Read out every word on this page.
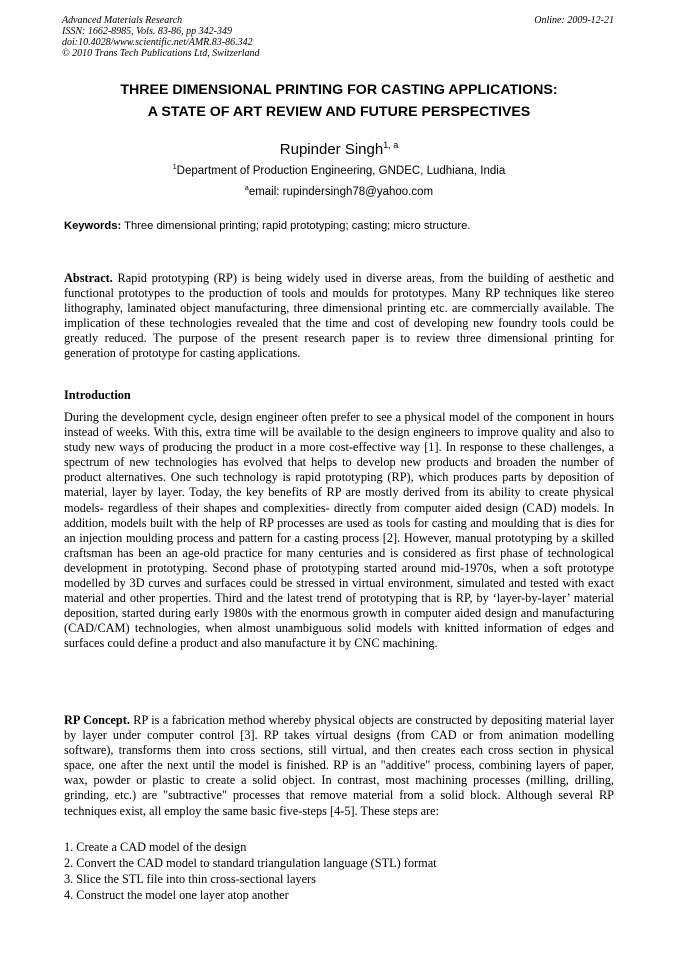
Advanced Materials Research
ISSN: 1662-8985, Vols. 83-86, pp 342-349
doi:10.4028/www.scientific.net/AMR.83-86.342
© 2010 Trans Tech Publications Ltd, Switzerland
Online: 2009-12-21
THREE DIMENSIONAL PRINTING FOR CASTING APPLICATIONS:
A STATE OF ART REVIEW AND FUTURE PERSPECTIVES
Rupinder Singh$^{1, a}$
$^1$Department of Production Engineering, GNDEC, Ludhiana, India
$^a$email: rupindersingh78@yahoo.com
Keywords: Three dimensional printing; rapid prototyping; casting; micro structure.
Abstract. Rapid prototyping (RP) is being widely used in diverse areas, from the building of aesthetic and functional prototypes to the production of tools and moulds for prototypes. Many RP techniques like stereo lithography, laminated object manufacturing, three dimensional printing etc. are commercially available. The implication of these technologies revealed that the time and cost of developing new foundry tools could be greatly reduced. The purpose of the present research paper is to review three dimensional printing for generation of prototype for casting applications.
Introduction
During the development cycle, design engineer often prefer to see a physical model of the component in hours instead of weeks. With this, extra time will be available to the design engineers to improve quality and also to study new ways of producing the product in a more cost-effective way [1]. In response to these challenges, a spectrum of new technologies has evolved that helps to develop new products and broaden the number of product alternatives. One such technology is rapid prototyping (RP), which produces parts by deposition of material, layer by layer. Today, the key benefits of RP are mostly derived from its ability to create physical models- regardless of their shapes and complexities- directly from computer aided design (CAD) models. In addition, models built with the help of RP processes are used as tools for casting and moulding that is dies for an injection moulding process and pattern for a casting process [2]. However, manual prototyping by a skilled craftsman has been an age-old practice for many centuries and is considered as first phase of technological development in prototyping. Second phase of prototyping started around mid-1970s, when a soft prototype modelled by 3D curves and surfaces could be stressed in virtual environment, simulated and tested with exact material and other properties. Third and the latest trend of prototyping that is RP, by ‘layer-by-layer’ material deposition, started during early 1980s with the enormous growth in computer aided design and manufacturing (CAD/CAM) technologies, when almost unambiguous solid models with knitted information of edges and surfaces could define a product and also manufacture it by CNC machining.
RP Concept. RP is a fabrication method whereby physical objects are constructed by depositing material layer by layer under computer control [3]. RP takes virtual designs (from CAD or from animation modelling software), transforms them into cross sections, still virtual, and then creates each cross section in physical space, one after the next until the model is finished. RP is an "additive" process, combining layers of paper, wax, powder or plastic to create a solid object. In contrast, most machining processes (milling, drilling, grinding, etc.) are "subtractive" processes that remove material from a solid block. Although several RP techniques exist, all employ the same basic five-steps [4-5]. These steps are:
1. Create a CAD model of the design
2. Convert the CAD model to standard triangulation language (STL) format
3. Slice the STL file into thin cross-sectional layers
4. Construct the model one layer atop another
